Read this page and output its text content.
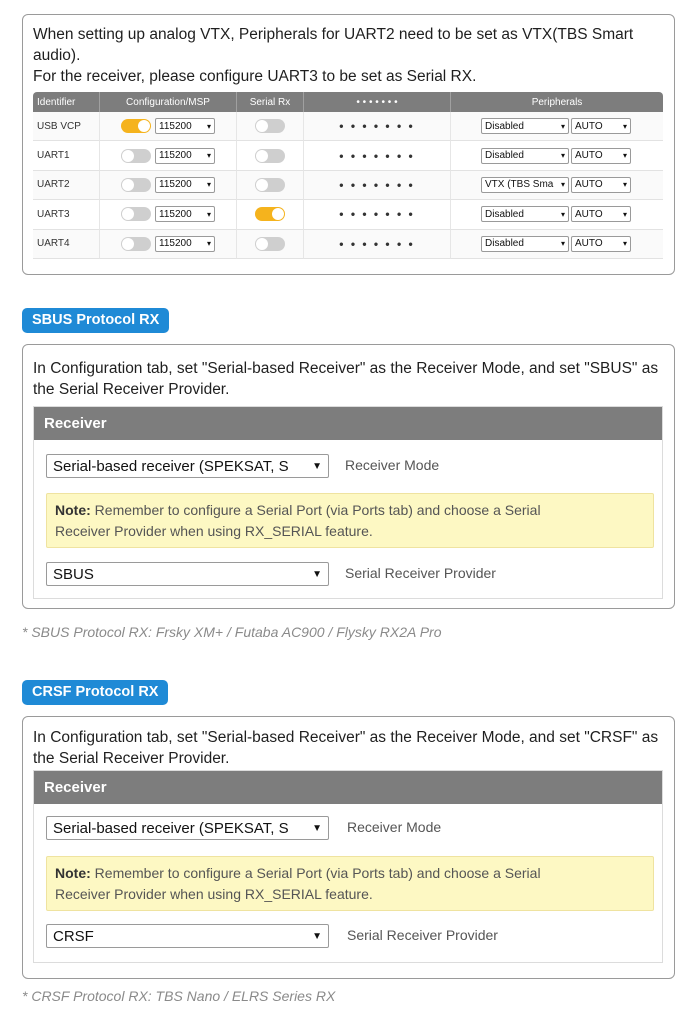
When setting up analog VTX, Peripherals for UART2 need to be set as VTX(TBS Smart
audio).
For the receiver, please configure UART3 to be set as Serial RX.
Identifier	Configuration/MSP	Serial Rx	• • • • • • •	Peripherals
USB VCP	115200 ▾		• • • • • • •	Disabled ▾ AUTO ▾

UART1	115200 ▾		• • • • • • •	Disabled ▾ AUTO ▾

UART2	115200 ▾		• • • • • • •	VTX (TBS Sma ▾ AUTO ▾

UART3	115200 ▾		• • • • • • •	Disabled ▾ AUTO ▾

UART4	115200 ▾		• • • • • • •	Disabled ▾ AUTO ▾
SBUS Protocol RX
In Configuration tab, set "Serial-based Receiver" as the Receiver Mode, and set "SBUS" as
the Serial Receiver Provider.
Receiver
Serial-based receiver (SPEKSAT, S ▼ Receiver Mode
Note: Remember to configure a Serial Port (via Ports tab) and choose a Serial
Receiver Provider when using RX_SERIAL feature.
SBUS	▼ Serial Receiver Provider
* SBUS Protocol RX: Frsky XM+ / Futaba AC900 / Flysky RX2A Pro
CRSF Protocol RX
In Configuration tab, set "Serial-based Receiver" as the Receiver Mode, and set "CRSF" as
the Serial Receiver Provider.
Receiver
Serial-based receiver (SPEKSAT, S ▼ Receiver Mode
Note: Remember to configure a Serial Port (via Ports tab) and choose a Serial
Receiver Provider when using RX_SERIAL feature.
CRSF	▼ Serial Receiver Provider
* CRSF Protocol RX: TBS Nano / ELRS Series RX
